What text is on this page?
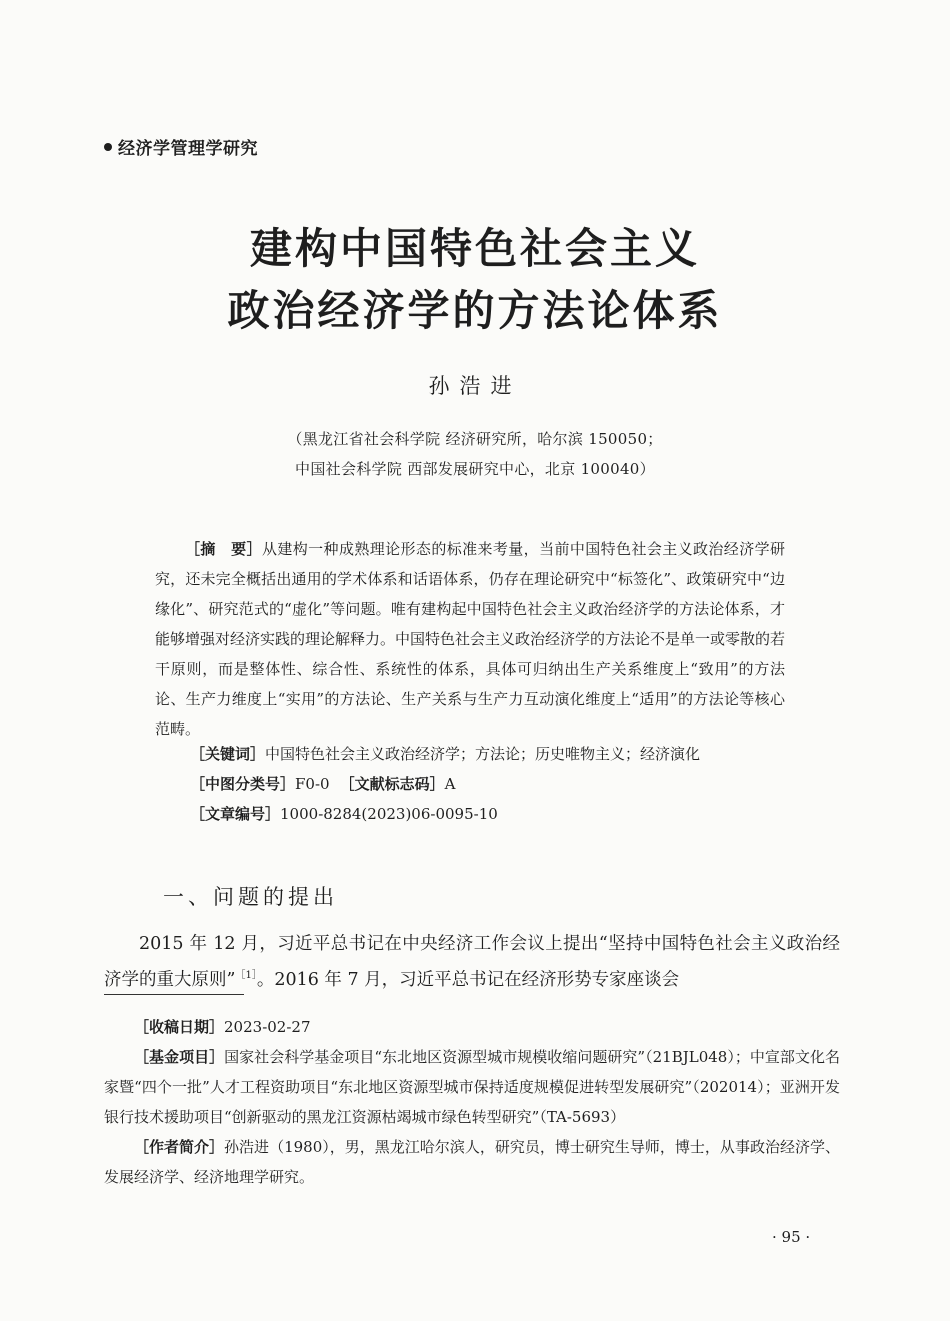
经济学管理学研究
建构中国特色社会主义
政治经济学的方法论体系
孙浩进
（黑龙江省社会科学院 经济研究所，哈尔滨 150050；
中国社会科学院 西部发展研究中心，北京 100040）

［摘　要］从建构一种成熟理论形态的标准来考量，当前中国特色社会主义政治经济学研究，还未完全概括出通用的学术体系和话语体系，仍存在理论研究中“标签化”、政策研究中“边缘化”、研究范式的“虚化”等问题。唯有建构起中国特色社会主义政治经济学的方法论体系，才能够增强对经济实践的理论解释力。中国特色社会主义政治经济学的方法论不是单一或零散的若干原则，而是整体性、综合性、系统性的体系，具体可归纳出生产关系维度上“致用”的方法论、生产力维度上“实用”的方法论、生产关系与生产力互动演化维度上“适用”的方法论等核心范畴。

［关键词］中国特色社会主义政治经济学；方法论；历史唯物主义；经济演化
［中图分类号］F0-0 ［文献标志码］A
［文章编号］1000-8284(2023)06-0095-10
一、问题的提出

2015 年 12 月，习近平总书记在中央经济工作会议上提出“坚持中国特色社会主义政治经济学的重大原则”$^{[1]}$。2016 年 7 月，习近平总书记在经济形势专家座谈会

［收稿日期］2023-02-27

［基金项目］国家社会科学基金项目“东北地区资源型城市规模收缩问题研究”（21BJL048）；中宣部文化名家暨“四个一批”人才工程资助项目“东北地区资源型城市保持适度规模促进转型发展研究”（202014）；亚洲开发银行技术援助项目“创新驱动的黑龙江资源枯竭城市绿色转型研究”（TA-5693）

［作者简介］孙浩进（1980），男，黑龙江哈尔滨人，研究员，博士研究生导师，博士，从事政治经济学、发展经济学、经济地理学研究。

· 95 ·
